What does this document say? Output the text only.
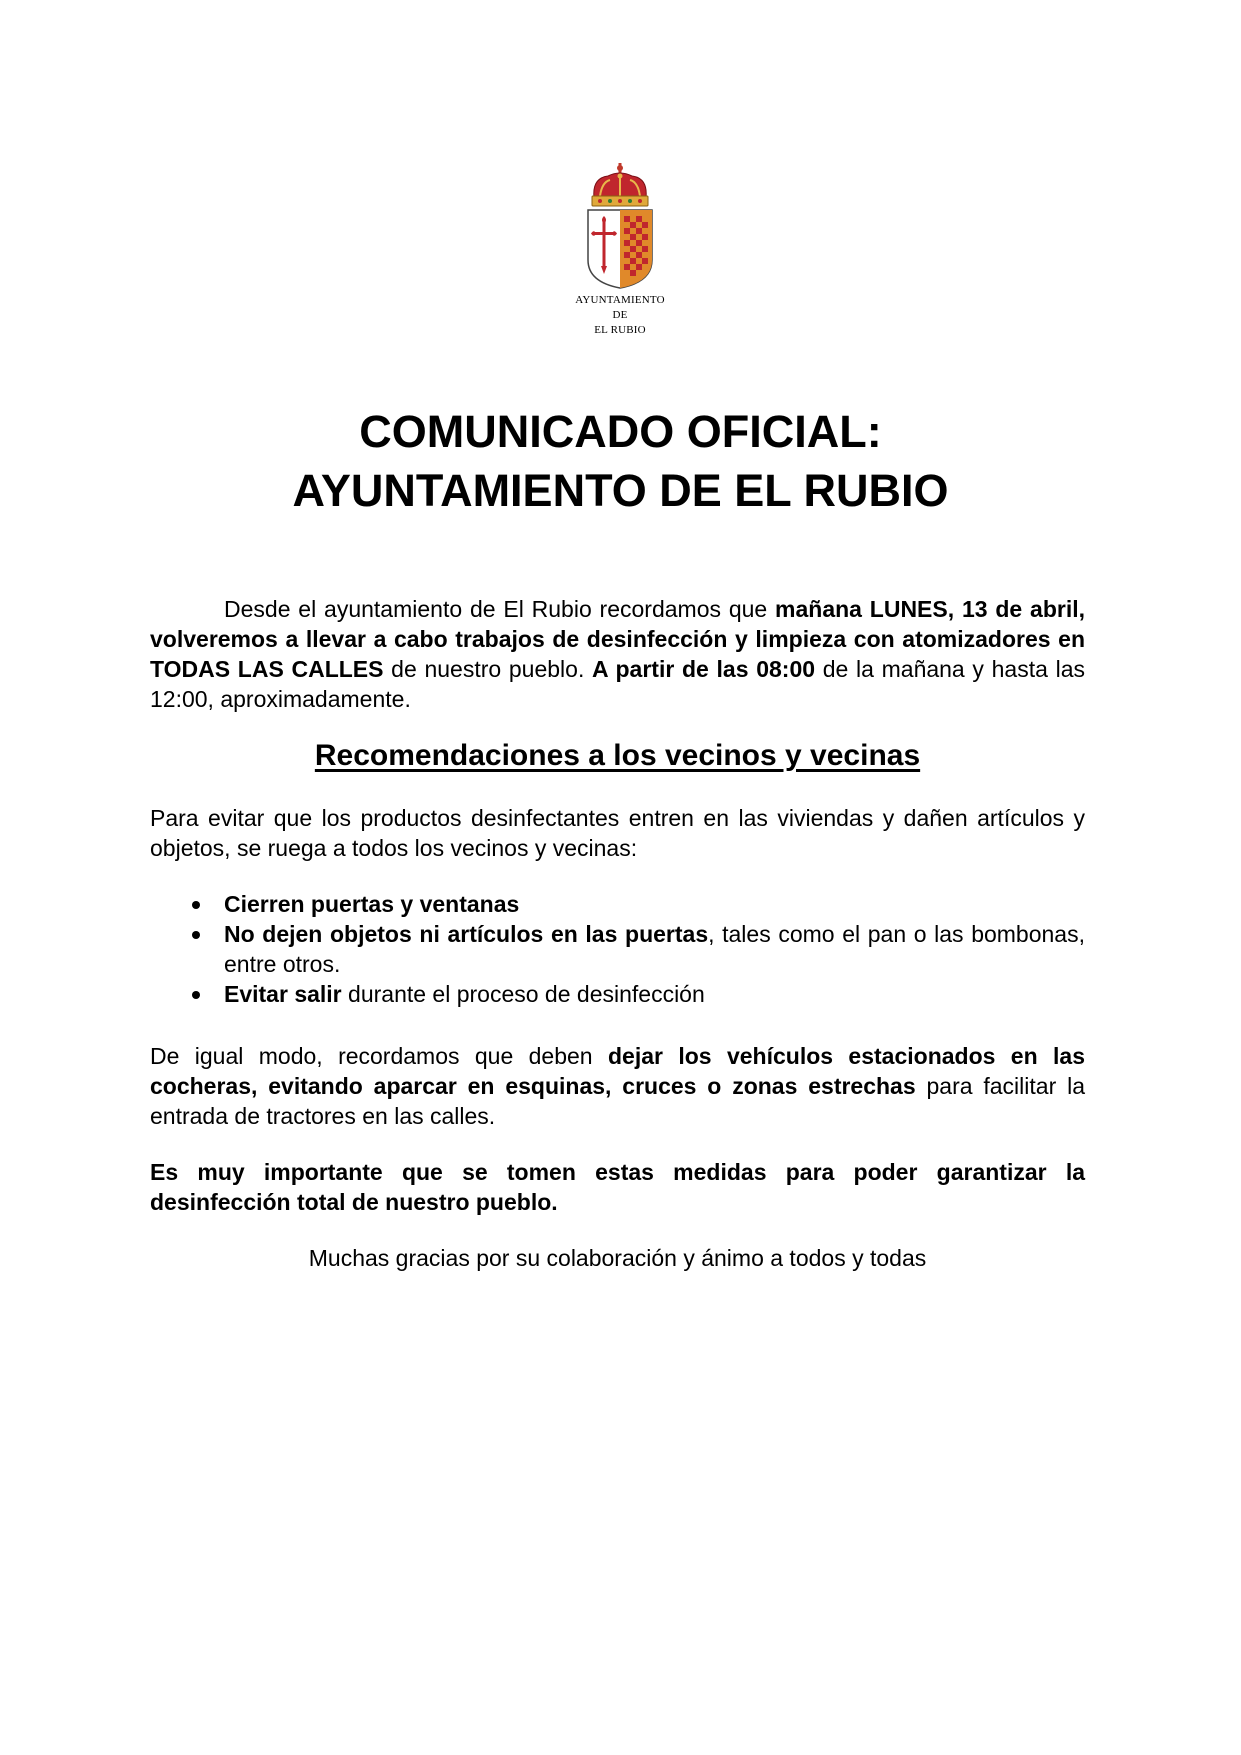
AYUNTAMIENTO
DE
EL RUBIO
COMUNICADO OFICIAL:
AYUNTAMIENTO DE EL RUBIO

Desde el ayuntamiento de El Rubio recordamos que mañana LUNES, 13 de abril, volveremos a llevar a cabo trabajos de desinfección y limpieza con atomizadores en TODAS LAS CALLES de nuestro pueblo. A partir de las 08:00 de la mañana y hasta las 12:00, aproximadamente.

Recomendaciones a los vecinos y vecinas

Para evitar que los productos desinfectantes entren en las viviendas y dañen artículos y objetos, se ruega a todos los vecinos y vecinas:

Cierren puertas y ventanas
No dejen objetos ni artículos en las puertas, tales como el pan o las bombonas, entre otros.
Evitar salir durante el proceso de desinfección

De igual modo, recordamos que deben dejar los vehículos estacionados en las cocheras, evitando aparcar en esquinas, cruces o zonas estrechas para facilitar la entrada de tractores en las calles.

Es muy importante que se tomen estas medidas para poder garantizar la desinfección total de nuestro pueblo.

Muchas gracias por su colaboración y ánimo a todos y todas
